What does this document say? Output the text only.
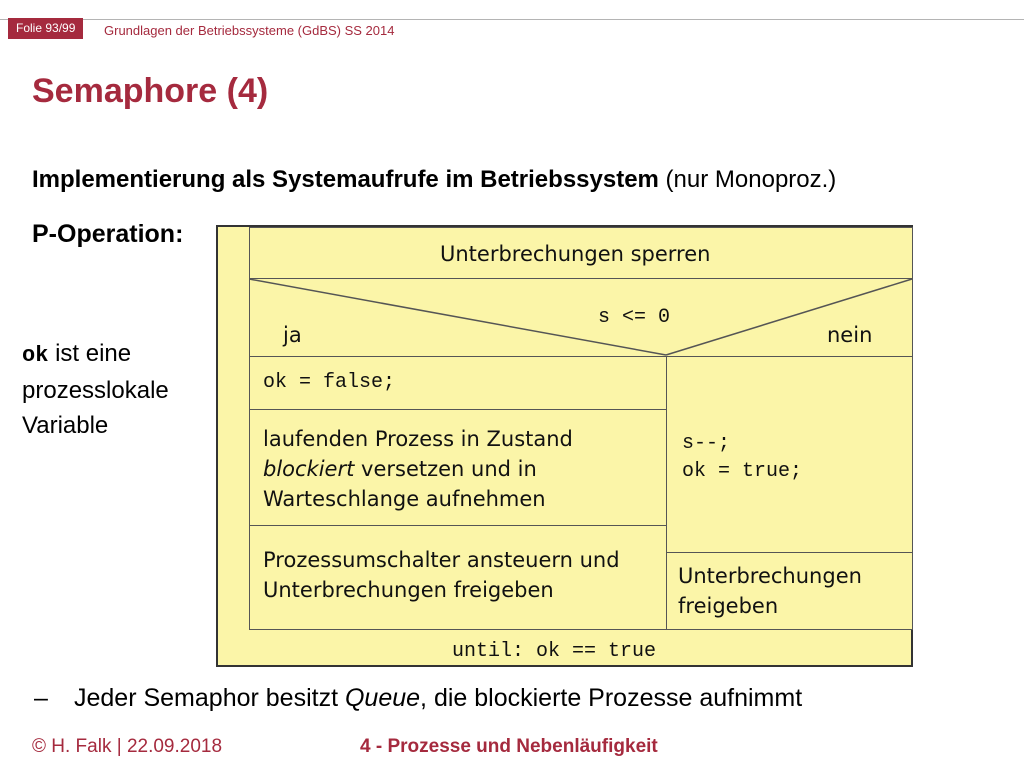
Folie 93/99	Grundlagen der Betriebssysteme (GdBS) SS 2014
Semaphore (4)
Implementierung als Systemaufrufe im Betriebssystem (nur Monoproz.)
P-Operation:
ok ist eine
prozesslokale
Variable
Unterbrechungen sperren
s <= 0
ja	nein
ok = false;
laufenden Prozess in Zustand
blockiert versetzen und in
Warteschlange aufnehmen
Prozessumschalter ansteuern und
Unterbrechungen freigeben
s--;
ok = true;
Unterbrechungen
freigeben
until: ok == true
– Jeder Semaphor besitzt Queue, die blockierte Prozesse aufnimmt
© H. Falk | 22.09.2018	4 - Prozesse und Nebenläufigkeit
